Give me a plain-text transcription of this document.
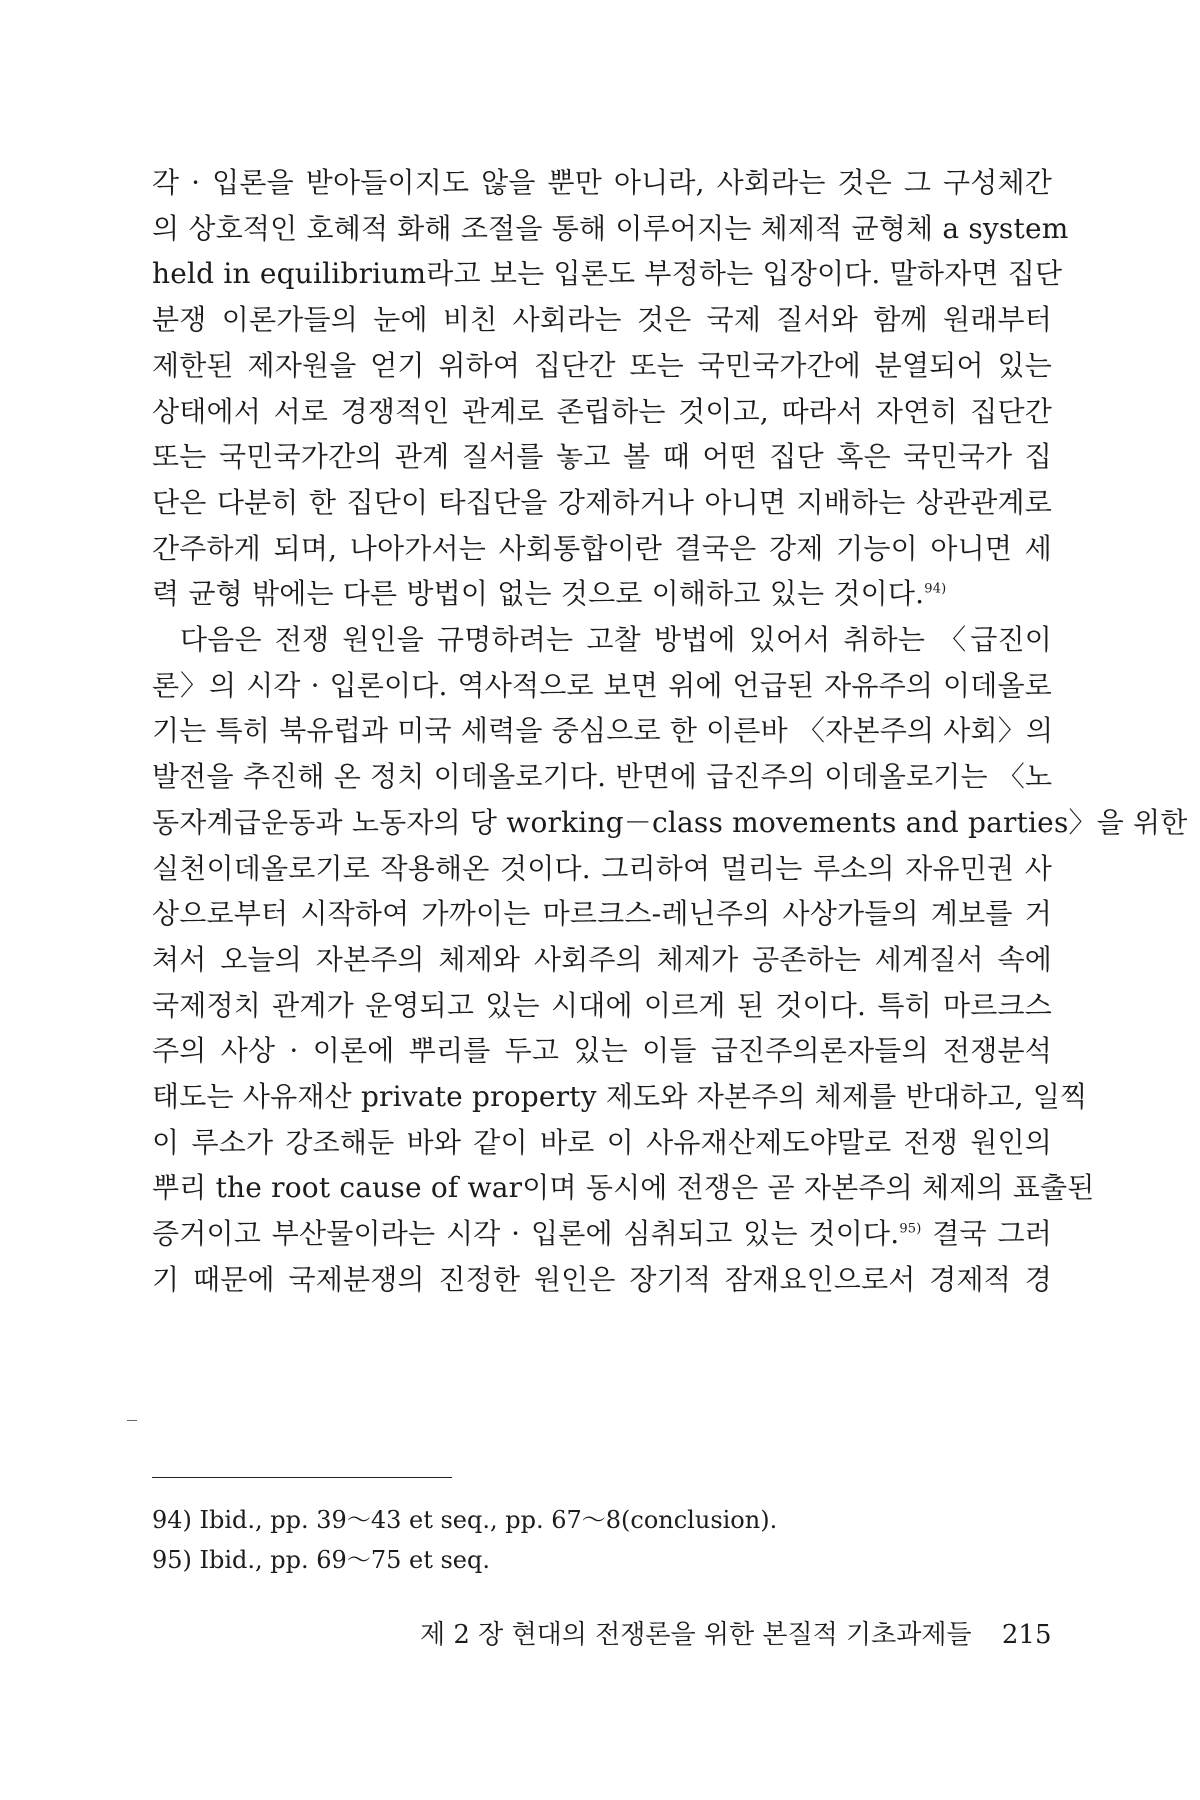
각 · 입론을 받아들이지도 않을 뿐만 아니라, 사회라는 것은 그 구성체간
의 상호적인 호혜적 화해 조절을 통해 이루어지는 체제적 균형체 a system
held in equilibrium라고 보는 입론도 부정하는 입장이다. 말하자면 집단
분쟁 이론가들의 눈에 비친 사회라는 것은 국제 질서와 함께 원래부터
제한된 제자원을 얻기 위하여 집단간 또는 국민국가간에 분열되어 있는
상태에서 서로 경쟁적인 관계로 존립하는 것이고, 따라서 자연히 집단간
또는 국민국가간의 관계 질서를 놓고 볼 때 어떤 집단 혹은 국민국가 집
단은 다분히 한 집단이 타집단을 강제하거나 아니면 지배하는 상관관계로
간주하게 되며, 나아가서는 사회통합이란 결국은 강제 기능이 아니면 세
력 균형 밖에는 다른 방법이 없는 것으로 이해하고 있는 것이다.$^{94)}$

다음은 전쟁 원인을 규명하려는 고찰 방법에 있어서 취하는 〈급진이
론〉의 시각 · 입론이다. 역사적으로 보면 위에 언급된 자유주의 이데올로
기는 특히 북유럽과 미국 세력을 중심으로 한 이른바 〈자본주의 사회〉의
발전을 추진해 온 정치 이데올로기다. 반면에 급진주의 이데올로기는 〈노
동자계급운동과 노동자의 당 working－class movements and parties〉을 위한
실천이데올로기로 작용해온 것이다. 그리하여 멀리는 루소의 자유민권 사
상으로부터 시작하여 가까이는 마르크스-레닌주의 사상가들의 계보를 거
쳐서 오늘의 자본주의 체제와 사회주의 체제가 공존하는 세계질서 속에
국제정치 관계가 운영되고 있는 시대에 이르게 된 것이다. 특히 마르크스
주의 사상 · 이론에 뿌리를 두고 있는 이들 급진주의론자들의 전쟁분석
태도는 사유재산 private property 제도와 자본주의 체제를 반대하고, 일찍
이 루소가 강조해둔 바와 같이 바로 이 사유재산제도야말로 전쟁 원인의
뿌리 the root cause of war이며 동시에 전쟁은 곧 자본주의 체제의 표출된
증거이고 부산물이라는 시각 · 입론에 심취되고 있는 것이다.$^{95)}$ 결국 그러
기 때문에 국제분쟁의 진정한 원인은 장기적 잠재요인으로서 경제적 경

94) Ibid., pp. 39～43 et seq., pp. 67～8(conclusion).
95) Ibid., pp. 69～75 et seq.
제 2 장 현대의 전쟁론을 위한 본질적 기초과제들 215
